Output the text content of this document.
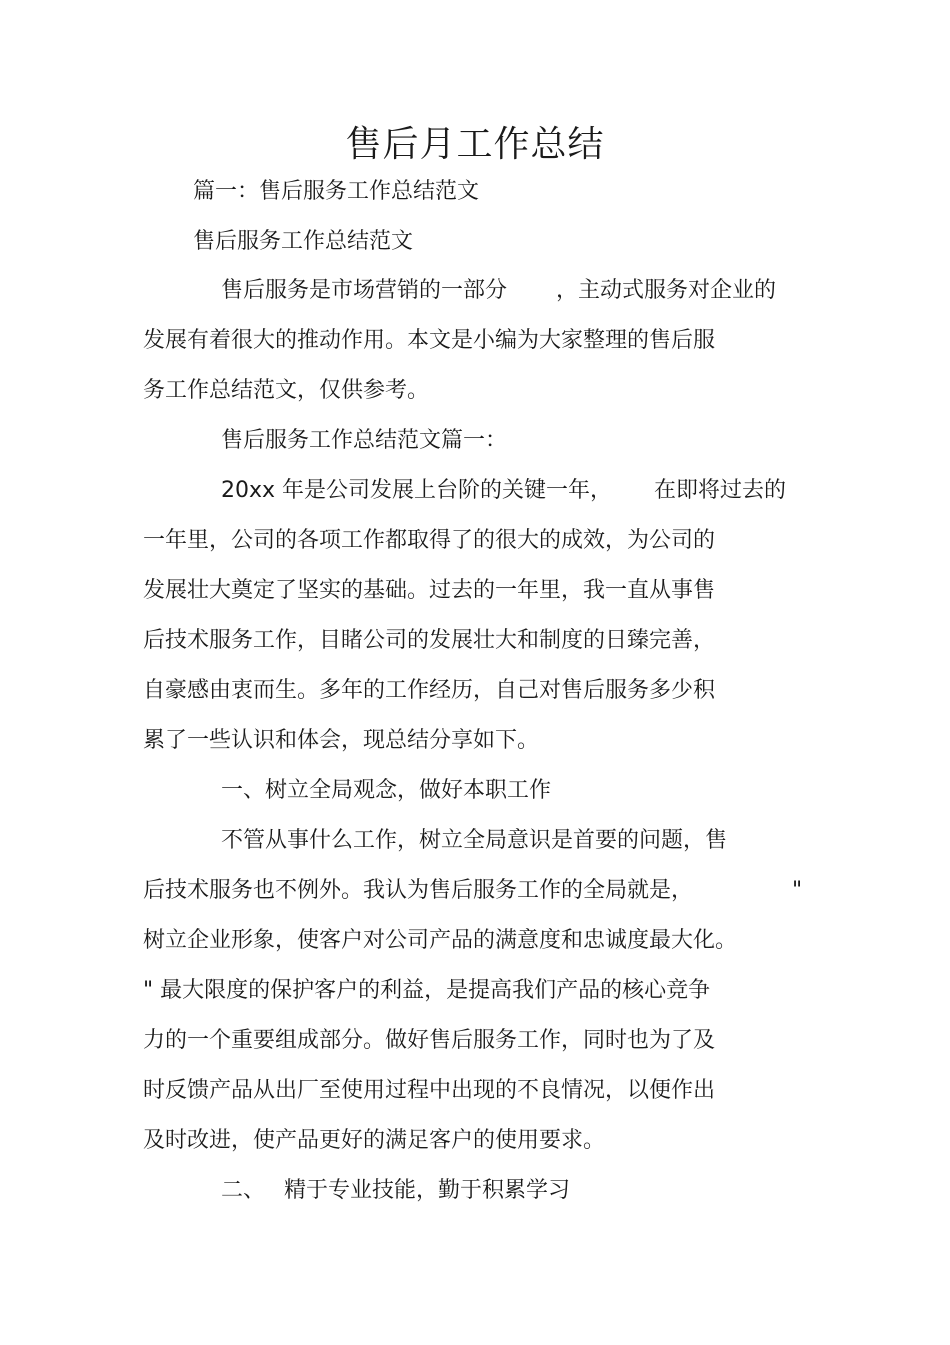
售后月工作总结
篇一：售后服务工作总结范文
售后服务工作总结范文
售后服务是市场营销的一部分 ，主动式服务对企业的
发展有着很大的推动作用。本文是小编为大家整理的售后服
务工作总结范文，仅供参考。
售后服务工作总结范文篇一：
20xx 年是公司发展上台阶的关键一年， 在即将过去的
一年里，公司的各项工作都取得了的很大的成效，为公司的
发展壮大奠定了坚实的基础。过去的一年里，我一直从事售
后技术服务工作，目睹公司的发展壮大和制度的日臻完善，
自豪感由衷而生。多年的工作经历，自己对售后服务多少积
累了一些认识和体会，现总结分享如下。
一、树立全局观念，做好本职工作
不管从事什么工作，树立全局意识是首要的问题，售
后技术服务也不例外。我认为售后服务工作的全局就是，	"
树立企业形象，使客户对公司产品的满意度和忠诚度最大化。
" 最大限度的保护客户的利益，是提高我们产品的核心竞争
力的一个重要组成部分。做好售后服务工作，同时也为了及
时反馈产品从出厂至使用过程中出现的不良情况，以便作出
及时改进，使产品更好的满足客户的使用要求。
二、 精于专业技能，勤于积累学习
